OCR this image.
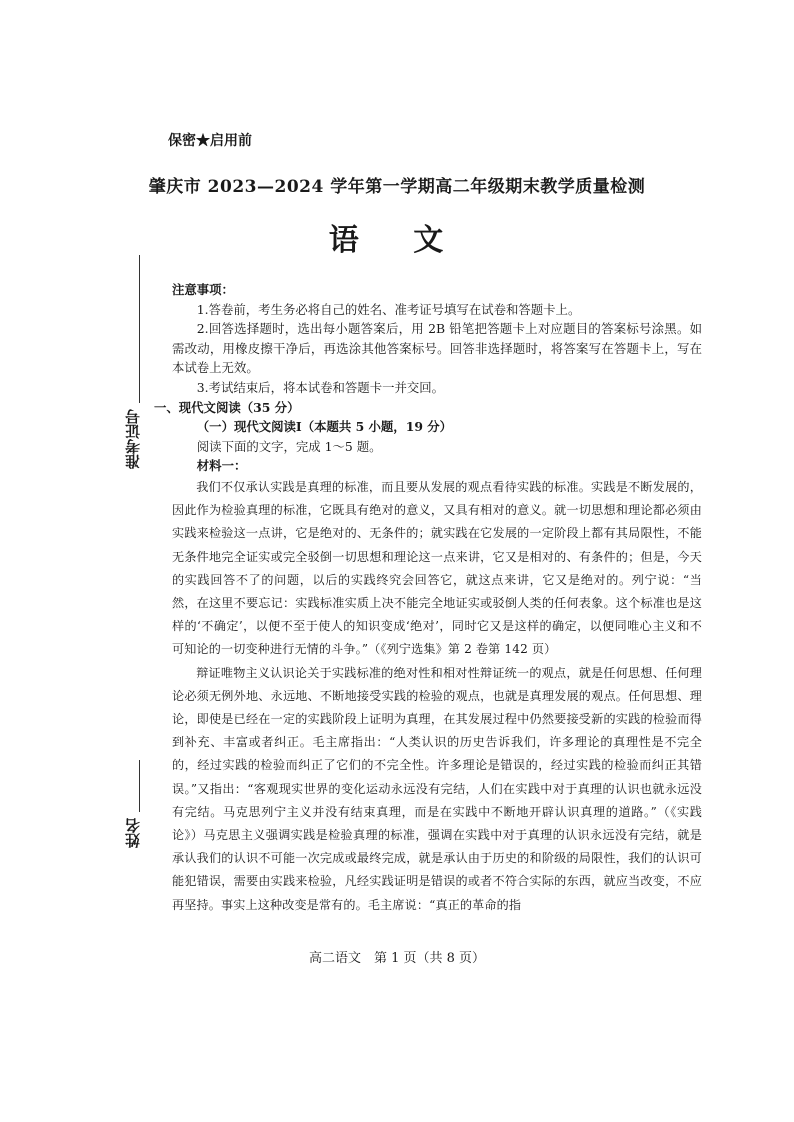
保密★启用前
肇庆市 2023—2024 学年第一学期高二年级期末教学质量检测
语 文
准考证号
姓名

注意事项：

1.答卷前，考生务必将自己的姓名、准考证号填写在试卷和答题卡上。

2.回答选择题时，选出每小题答案后，用 2B 铅笔把答题卡上对应题目的答案标号涂黑。如需改动，用橡皮擦干净后，再选涂其他答案标号。回答非选择题时，将答案写在答题卡上，写在本试卷上无效。

3.考试结束后，将本试卷和答题卡一并交回。

一、现代文阅读（35 分）

（一）现代文阅读Ⅰ（本题共 5 小题，19 分）

阅读下面的文字，完成 1～5 题。

材料一：

我们不仅承认实践是真理的标准，而且要从发展的观点看待实践的标准。实践是不断发展的，因此作为检验真理的标准，它既具有绝对的意义，又具有相对的意义。就一切思想和理论都必须由实践来检验这一点讲，它是绝对的、无条件的；就实践在它发展的一定阶段上都有其局限性，不能无条件地完全证实或完全驳倒一切思想和理论这一点来讲，它又是相对的、有条件的；但是，今天的实践回答不了的问题，以后的实践终究会回答它，就这点来讲，它又是绝对的。列宁说：“当然，在这里不要忘记：实践标准实质上决不能完全地证实或驳倒人类的任何表象。这个标准也是这样的‘不确定’，以便不至于使人的知识变成‘绝对’，同时它又是这样的确定，以便同唯心主义和不可知论的一切变种进行无情的斗争。”（《列宁选集》第 2 卷第 142 页）

辩证唯物主义认识论关于实践标准的绝对性和相对性辩证统一的观点，就是任何思想、任何理论必须无例外地、永远地、不断地接受实践的检验的观点，也就是真理发展的观点。任何思想、理论，即使是已经在一定的实践阶段上证明为真理，在其发展过程中仍然要接受新的实践的检验而得到补充、丰富或者纠正。毛主席指出：“人类认识的历史告诉我们，许多理论的真理性是不完全的，经过实践的检验而纠正了它们的不完全性。许多理论是错误的，经过实践的检验而纠正其错误。”又指出：“客观现实世界的变化运动永远没有完结，人们在实践中对于真理的认识也就永远没有完结。马克思列宁主义并没有结束真理，而是在实践中不断地开辟认识真理的道路。”（《实践论》）马克思主义强调实践是检验真理的标准，强调在实践中对于真理的认识永远没有完结，就是承认我们的认识不可能一次完成或最终完成，就是承认由于历史的和阶级的局限性，我们的认识可能犯错误，需要由实践来检验，凡经实践证明是错误的或者不符合实际的东西，就应当改变，不应再坚持。事实上这种改变是常有的。毛主席说：“真正的革命的指

高二语文　第 1 页（共 8 页）
